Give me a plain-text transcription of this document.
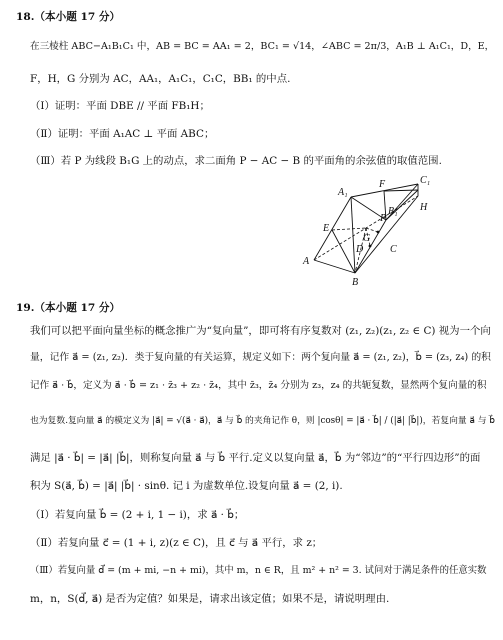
18.（本小题 17 分）
在三棱柱 ABC−A₁B₁C₁ 中，AB = BC = AA₁ = 2，BC₁ = √14，∠ABC = 2π/3，A₁B ⊥ A₁C₁，D，E，
F，H，G 分别为 AC，AA₁，A₁C₁，C₁C，BB₁ 的中点.
（Ⅰ）证明：平面 DBE // 平面 FB₁H；
（Ⅱ）证明：平面 A₁AC ⊥ 平面 ABC；
（Ⅲ）若 P 为线段 B₁G 上的动点，求二面角 P − AC − B 的平面角的余弦值的取值范围.
A₁
F	C₁
B₁
P
H
E
G
D	C
A
B
19.（本小题 17 分）
我们可以把平面向量坐标的概念推广为“复向量”，即可将有序复数对 (z₁, z₂)(z₁, z₂ ∈ C) 视为一个向
量，记作 a⃗ = (z₁, z₂)．类于复向量的有关运算，规定义如下：两个复向量 a⃗ = (z₁, z₂)，b⃗ = (z₃, z₄) 的积
记作 a⃗ · b⃗，定义为 a⃗ · b⃗ = z₁ · z̄₃ + z₂ · z̄₄，其中 z̄₃，z̄₄ 分别为 z₃，z₄ 的共轭复数，显然两个复向量的积
也为复数.复向量 a⃗ 的模定义为 |a⃗| = √(a⃗ · a⃗)，a⃗ 与 b⃗ 的夹角记作 θ，则 |cosθ| = |a⃗ · b⃗| / (|a⃗| |b⃗|)，若复向量 a⃗ 与 b⃗
满足 |a⃗ · b⃗| = |a⃗| |b⃗|，则称复向量 a⃗ 与 b⃗ 平行.定义以复向量 a⃗，b⃗ 为“邻边”的“平行四边形”的面
积为 S(a⃗, b⃗) = |a⃗| |b⃗| · sinθ. 记 i 为虚数单位.设复向量 a⃗ = (2, i).
（Ⅰ）若复向量 b⃗ = (2 + i, 1 − i)，求 a⃗ · b⃗；
（Ⅱ）若复向量 c⃗ = (1 + i, z)(z ∈ C)，且 c⃗ 与 a⃗ 平行，求 z；
（Ⅲ）若复向量 d⃗ = (m + mi, −n + mi)，其中 m，n ∈ R，且 m² + n² = 3. 试问对于满足条件的任意实数
m，n，S(d⃗, a⃗) 是否为定值？如果是，请求出该定值；如果不是，请说明理由.
